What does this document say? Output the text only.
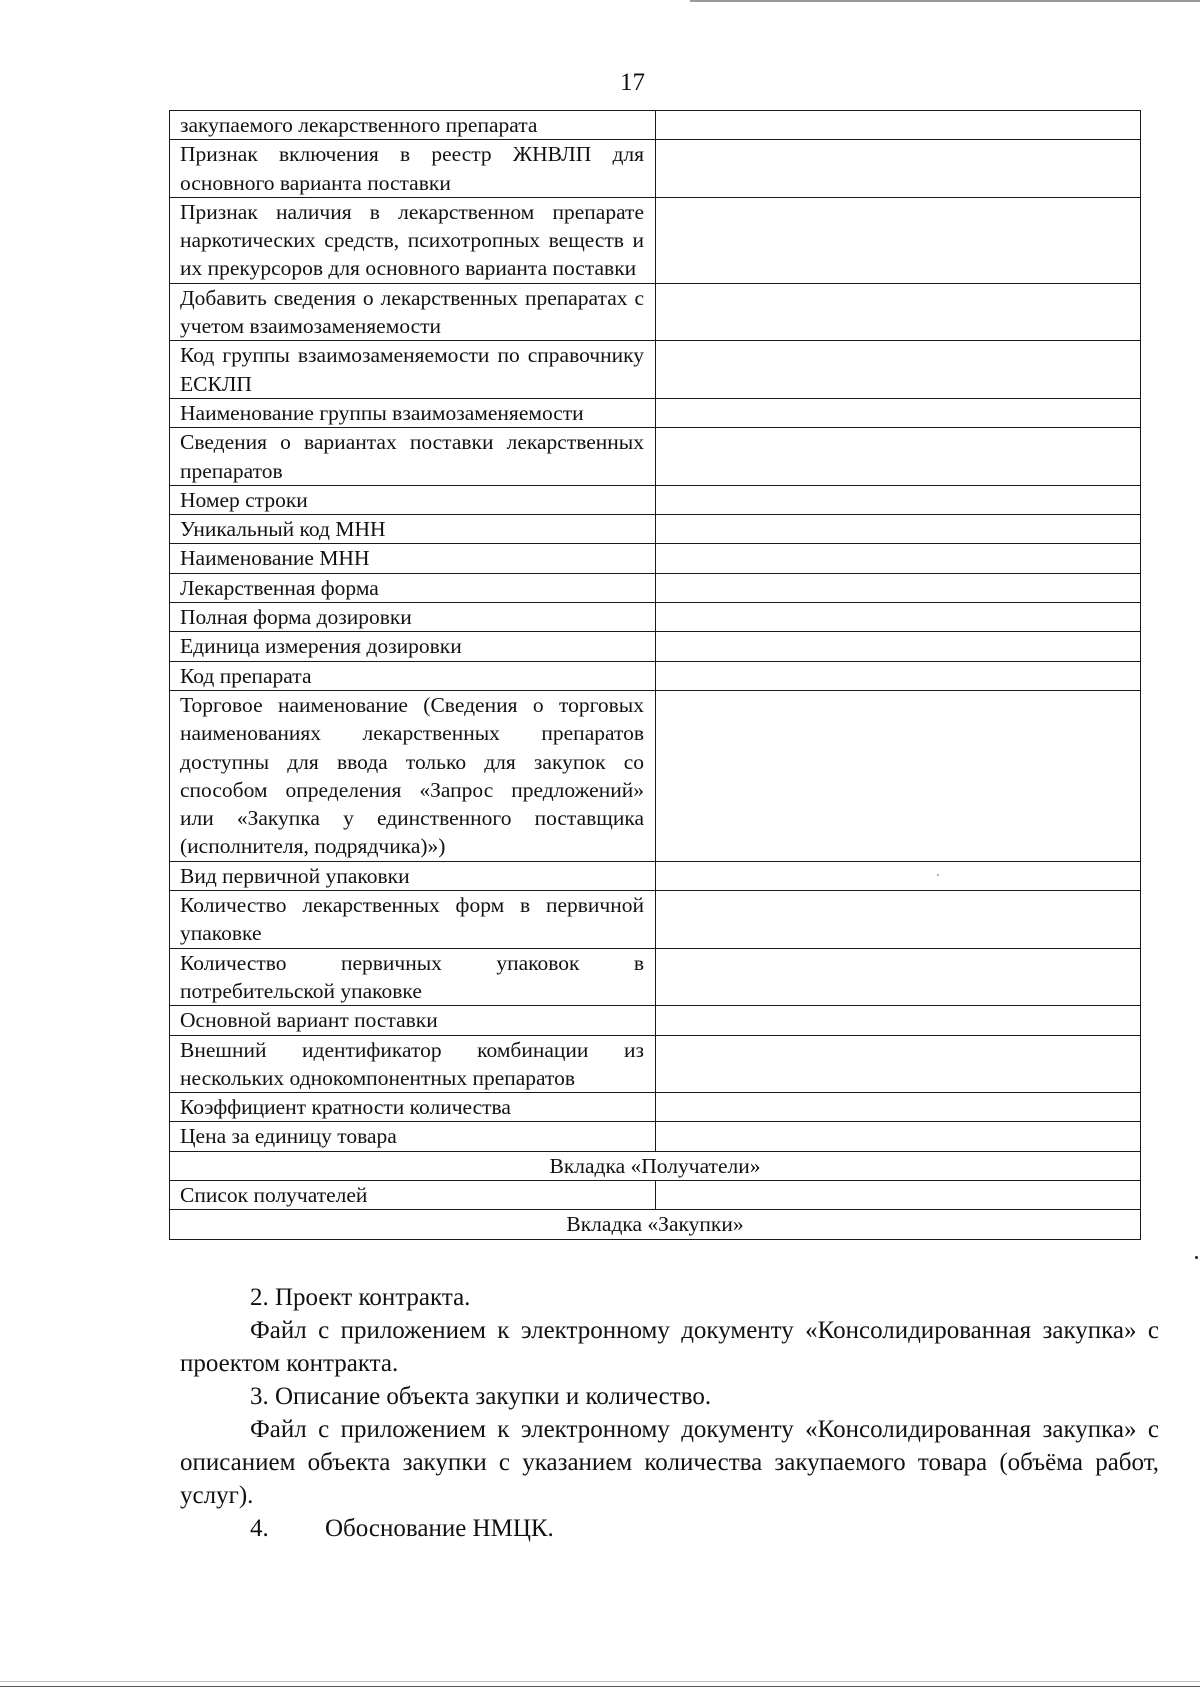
17
закупаемого лекарственного препарата	
Признак включения в реестр ЖНВЛП для основного варианта поставки	
Признак наличия в лекарственном препарате наркотических средств, психотропных веществ и их прекурсоров для основного варианта поставки	
Добавить сведения о лекарственных препаратах с учетом взаимозаменяемости	
Код группы взаимозаменяемости по справочнику ЕСКЛП	
Наименование группы взаимозаменяемости	
Сведения о вариантах поставки лекарственных препаратов	
Номер строки	
Уникальный код МНН	
Наименование МНН	
Лекарственная форма	
Полная форма дозировки	
Единица измерения дозировки	
Код препарата	
Торговое наименование (Сведения о торговых наименованиях лекарственных препаратов доступны для ввода только для закупок со способом определения «Запрос предложений» или «Закупка у единственного поставщика (исполнителя, подрядчика)»)	
Вид первичной упаковки	
Количество лекарственных форм в первичной упаковке	
Количество первичных упаковок в потребительской упаковке	
Основной вариант поставки	
Внешний идентификатор комбинации из нескольких однокомпонентных препаратов	
Коэффициент кратности количества	
Цена за единицу товара	
Вкладка «Получатели»	
Список получателей	
Вкладка «Закупки»	

2. Проект контракта.

Файл с приложением к электронному документу «Консолидированная закупка» с проектом контракта.

3. Описание объекта закупки и количество.

Файл с приложением к электронному документу «Консолидированная закупка» с описанием объекта закупки с указанием количества закупаемого товара (объёма работ, услуг).

4. Обоснование НМЦК.
